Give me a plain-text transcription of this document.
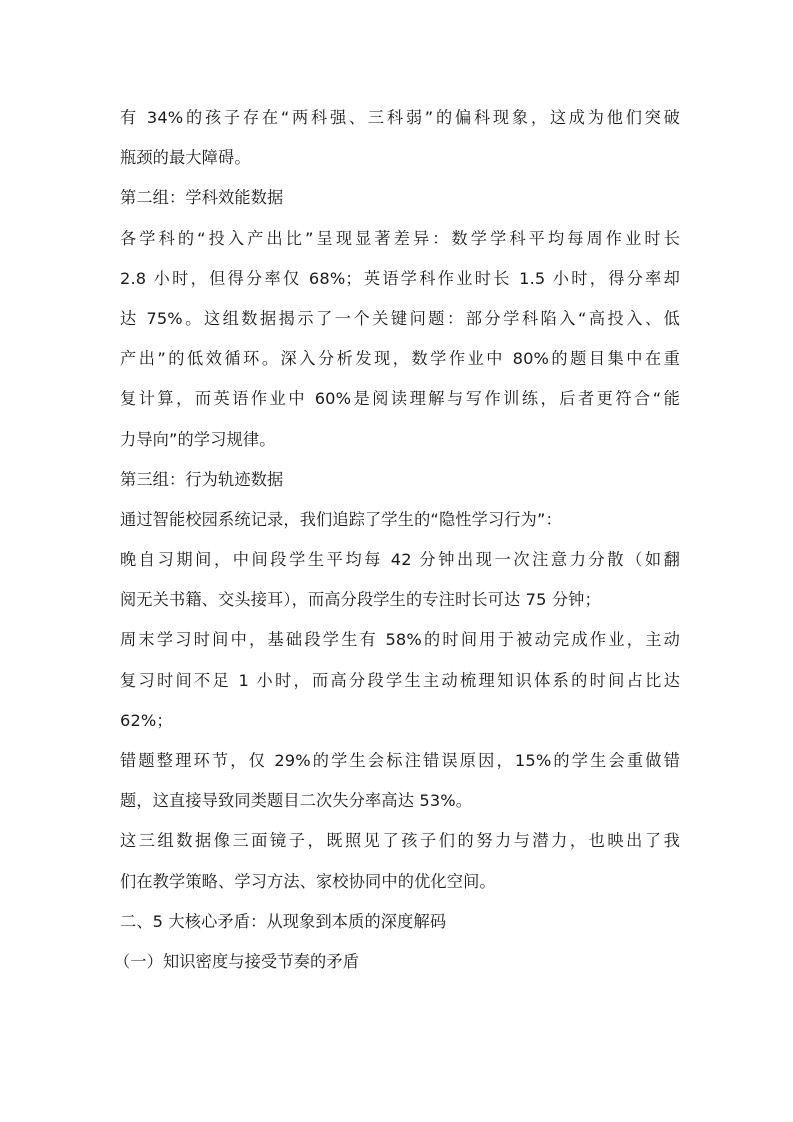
有 34%的孩子存在“两科强、三科弱”的偏科现象，这成为他们突破
瓶颈的最大障碍。
第二组：学科效能数据
各学科的“投入产出比”呈现显著差异：数学学科平均每周作业时长
2.8 小时，但得分率仅 68%；英语学科作业时长 1.5 小时，得分率却
达 75%。这组数据揭示了一个关键问题：部分学科陷入“高投入、低
产出”的低效循环。深入分析发现，数学作业中 80%的题目集中在重
复计算，而英语作业中 60%是阅读理解与写作训练，后者更符合“能
力导向”的学习规律。
第三组：行为轨迹数据
通过智能校园系统记录，我们追踪了学生的“隐性学习行为”：
晚自习期间，中间段学生平均每 42 分钟出现一次注意力分散（如翻
阅无关书籍、交头接耳），而高分段学生的专注时长可达 75 分钟；
周末学习时间中，基础段学生有 58%的时间用于被动完成作业，主动
复习时间不足 1 小时，而高分段学生主动梳理知识体系的时间占比达
62%；
错题整理环节，仅 29%的学生会标注错误原因，15%的学生会重做错
题，这直接导致同类题目二次失分率高达 53%。
这三组数据像三面镜子，既照见了孩子们的努力与潜力，也映出了我
们在教学策略、学习方法、家校协同中的优化空间。
二、5 大核心矛盾：从现象到本质的深度解码
（一）知识密度与接受节奏的矛盾
